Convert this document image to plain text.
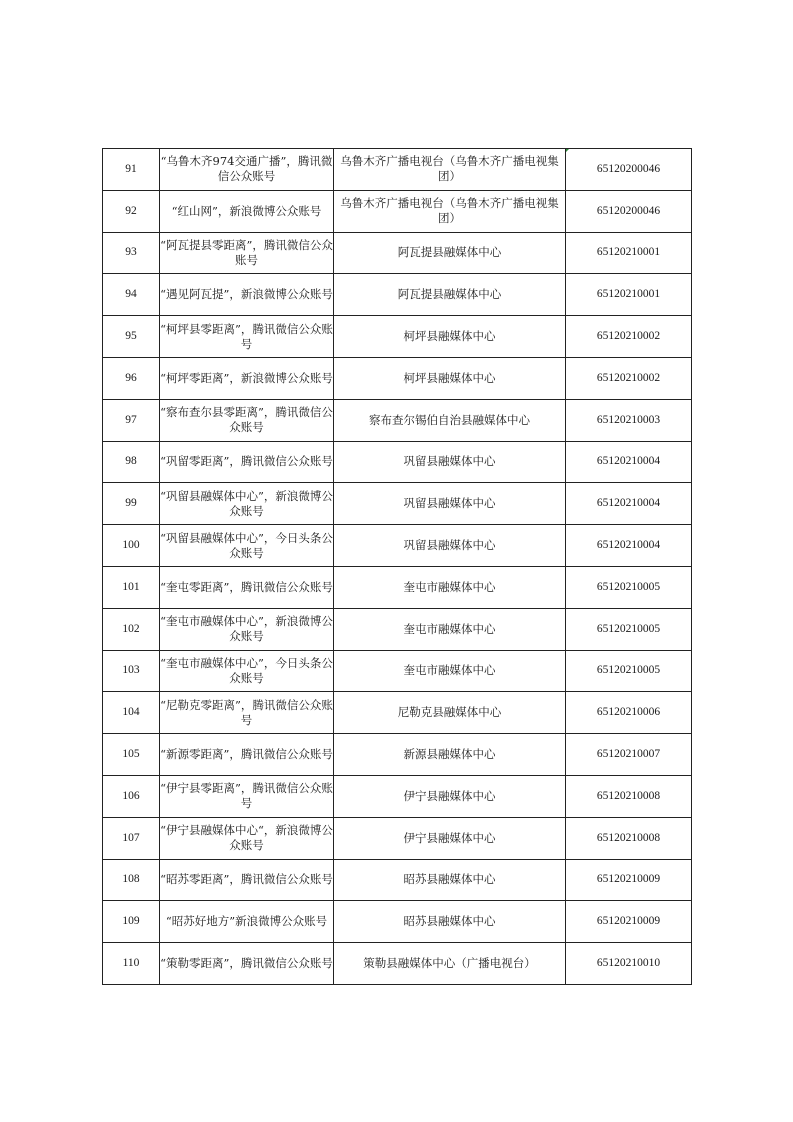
91	“乌鲁木齐974交通广播”，腾讯微信公众账号	乌鲁木齐广播电视台（乌鲁木齐广播电视集团）	65120200046
92	“红山网”，新浪微博公众账号	乌鲁木齐广播电视台（乌鲁木齐广播电视集团）	65120200046
93	“阿瓦提县零距离”，腾讯微信公众账号	阿瓦提县融媒体中心	65120210001
94	“遇见阿瓦提”，新浪微博公众账号	阿瓦提县融媒体中心	65120210001
95	“柯坪县零距离”，腾讯微信公众账号	柯坪县融媒体中心	65120210002
96	“柯坪零距离”，新浪微博公众账号	柯坪县融媒体中心	65120210002
97	“察布查尔县零距离”，腾讯微信公众账号	察布查尔锡伯自治县融媒体中心	65120210003
98	“巩留零距离”，腾讯微信公众账号	巩留县融媒体中心	65120210004
99	“巩留县融媒体中心”，新浪微博公众账号	巩留县融媒体中心	65120210004
100	“巩留县融媒体中心”，今日头条公众账号	巩留县融媒体中心	65120210004
101	“奎屯零距离”，腾讯微信公众账号	奎屯市融媒体中心	65120210005
102	“奎屯市融媒体中心”，新浪微博公众账号	奎屯市融媒体中心	65120210005
103	“奎屯市融媒体中心”，今日头条公众账号	奎屯市融媒体中心	65120210005
104	“尼勒克零距离”，腾讯微信公众账号	尼勒克县融媒体中心	65120210006
105	“新源零距离”，腾讯微信公众账号	新源县融媒体中心	65120210007
106	“伊宁县零距离”，腾讯微信公众账号	伊宁县融媒体中心	65120210008
107	“伊宁县融媒体中心“，新浪微博公众账号	伊宁县融媒体中心	65120210008
108	“昭苏零距离”，腾讯微信公众账号	昭苏县融媒体中心	65120210009
109	“昭苏好地方”新浪微博公众账号	昭苏县融媒体中心	65120210009
110	“策勒零距离”，腾讯微信公众账号	策勒县融媒体中心（广播电视台）	65120210010
